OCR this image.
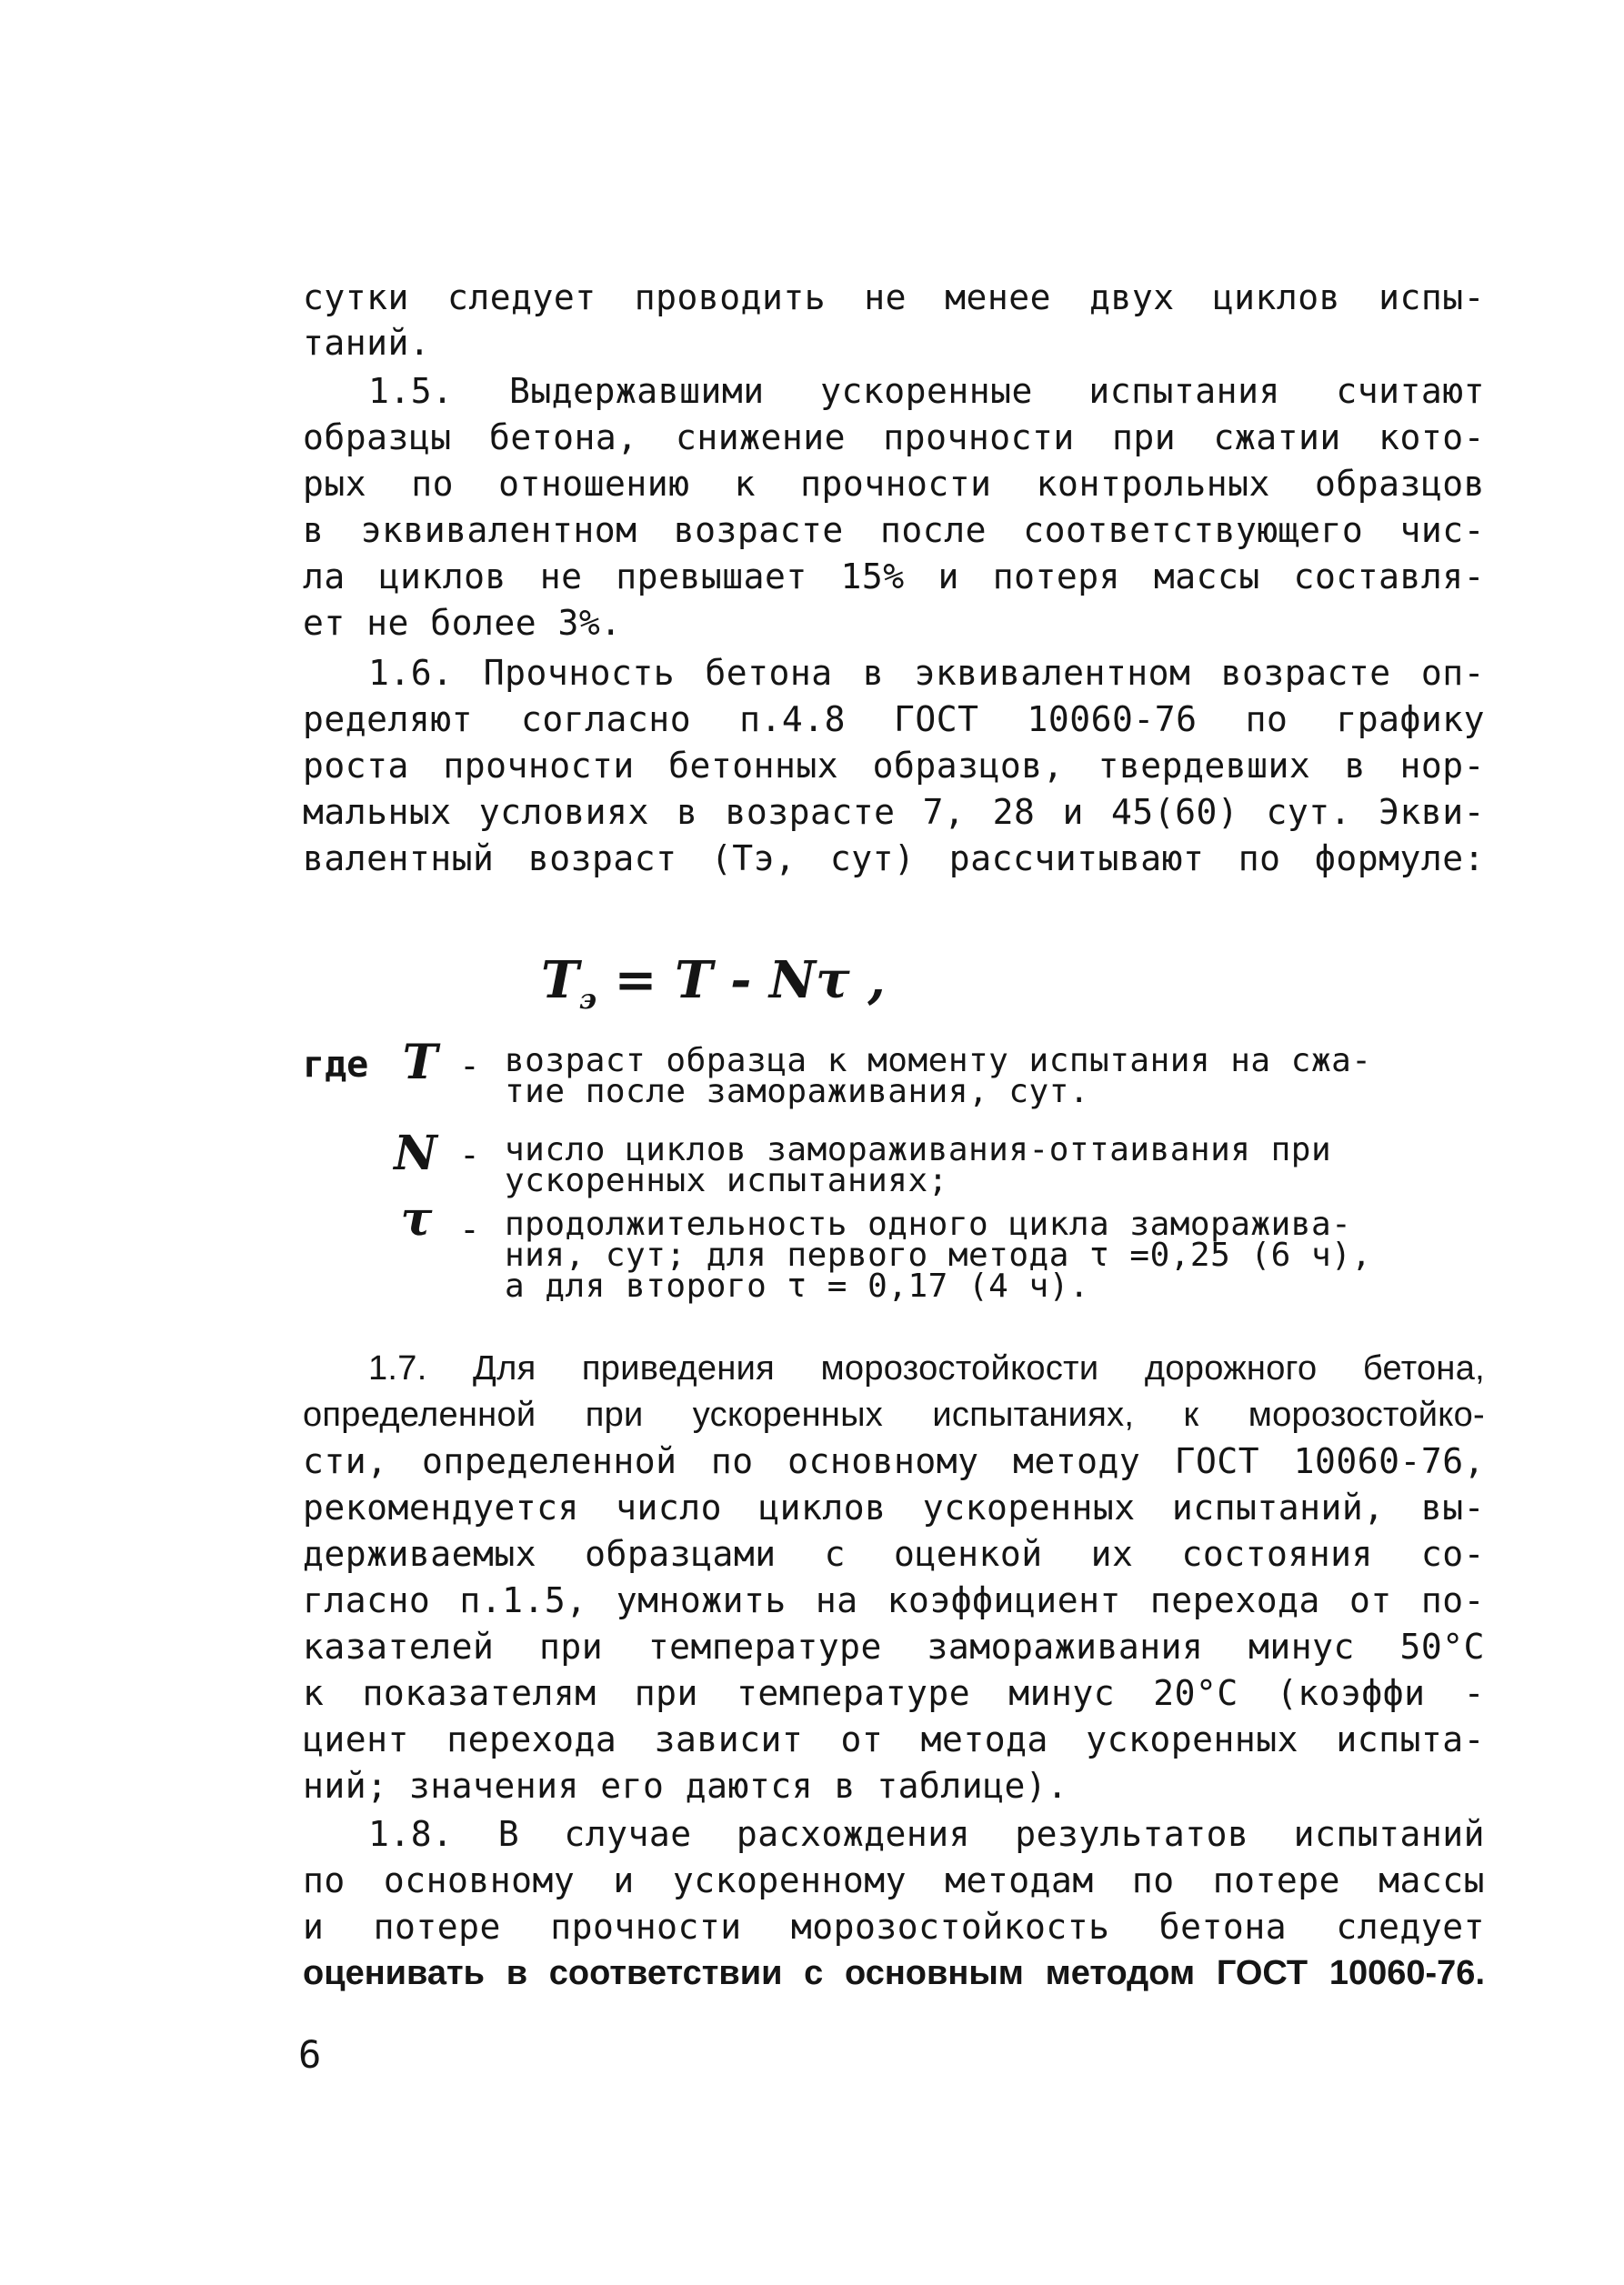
сутки следует проводить не менее двух циклов испы-
таний.
1.5. Выдержавшими ускоренные испытания считают
образцы бетона, снижение прочности при сжатии кото-
рых по отношению к прочности контрольных образцов
в эквивалентном возрасте после соответствующего чис-
ла циклов не превышает 15% и потеря массы составля-
ет не более 3%.
1.6. Прочность бетона в эквивалентном возрасте оп-
ределяют согласно п.4.8 ГОСТ 10060-76 по графику
роста прочности бетонных образцов, твердевших в нор-
мальных условиях в возрасте 7, 28 и 45(60) сут. Экви-
валентный возраст (Tэ, сут) рассчитывают по формуле:
$T_э = T - N\tau$ ,
где T - возраст образца к моменту испытания на сжа-
тие после замораживания, сут.
N - число циклов замораживания-оттаивания при
ускоренных испытаниях;
τ - продолжительность одного цикла заморажива-
ния, сут; для первого метода τ =0,25 (6 ч),
а для второго τ = 0,17 (4 ч).
1.7. Для приведения морозостойкости дорожного бетона,
определенной при ускоренных испытаниях, к морозостойко-
сти, определенной по основному методу ГОСТ 10060-76,
рекомендуется число циклов ускоренных испытаний, вы-
держиваемых образцами с оценкой их состояния со-
гласно п.1.5, умножить на коэффициент перехода от по-
казателей при температуре замораживания минус 50°C
к показателям при температуре минус 20°C (коэффи -
циент перехода зависит от метода ускоренных испыта-
ний; значения его даются в таблице).
1.8. В случае расхождения результатов испытаний
по основному и ускоренному методам по потере массы
и потере прочности морозостойкость бетона следует
оценивать в соответствии с основным методом ГОСТ 10060-76.
6
